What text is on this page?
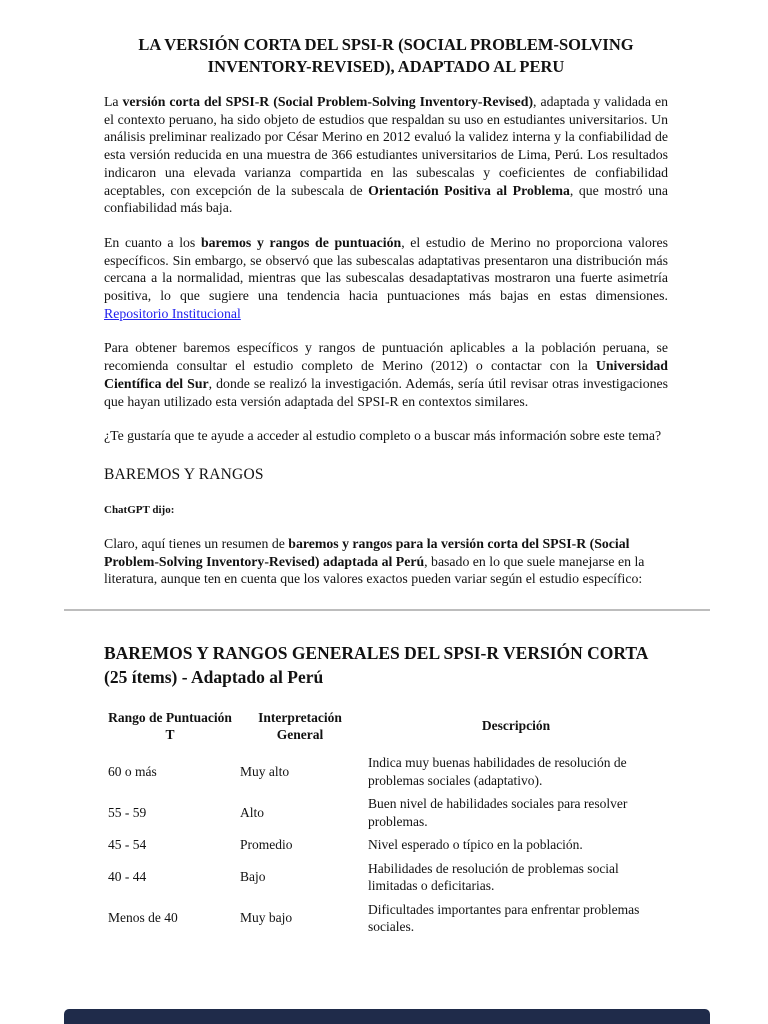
LA VERSIÓN CORTA DEL SPSI-R (SOCIAL PROBLEM-SOLVING
INVENTORY-REVISED), ADAPTADO AL PERU

La versión corta del SPSI-R (Social Problem-Solving Inventory-Revised), adaptada y validada en el contexto peruano, ha sido objeto de estudios que respaldan su uso en estudiantes universitarios. Un análisis preliminar realizado por César Merino en 2012 evaluó la validez interna y la confiabilidad de esta versión reducida en una muestra de 366 estudiantes universitarios de Lima, Perú. Los resultados indicaron una elevada varianza compartida en las subescalas y coeficientes de confiabilidad aceptables, con excepción de la subescala de Orientación Positiva al Problema, que mostró una confiabilidad más baja.

En cuanto a los baremos y rangos de puntuación, el estudio de Merino no proporciona valores específicos. Sin embargo, se observó que las subescalas adaptativas presentaron una distribución más cercana a la normalidad, mientras que las subescalas desadaptativas mostraron una fuerte asimetría positiva, lo que sugiere una tendencia hacia puntuaciones más bajas en estas dimensiones. Repositorio Institucional

Para obtener baremos específicos y rangos de puntuación aplicables a la población peruana, se recomienda consultar el estudio completo de Merino (2012) o contactar con la Universidad Científica del Sur, donde se realizó la investigación. Además, sería útil revisar otras investigaciones que hayan utilizado esta versión adaptada del SPSI-R en contextos similares.

¿Te gustaría que te ayude a acceder al estudio completo o a buscar más información sobre este tema?

BAREMOS Y RANGOS
ChatGPT dijo:

Claro, aquí tienes un resumen de baremos y rangos para la versión corta del SPSI-R (Social Problem-Solving Inventory-Revised) adaptada al Perú, basado en lo que suele manejarse en la literatura, aunque ten en cuenta que los valores exactos pueden variar según el estudio específico:

BAREMOS Y RANGOS GENERALES DEL SPSI-R VERSIÓN CORTA (25 ítems) - Adaptado al Perú
Rango de Puntuación T	Interpretación General	Descripción
60 o más	Muy alto	Indica muy buenas habilidades de resolución de problemas sociales (adaptativo).
55 - 59	Alto	Buen nivel de habilidades sociales para resolver problemas.
45 - 54	Promedio	Nivel esperado o típico en la población.
40 - 44	Bajo	Habilidades de resolución de problemas social limitadas o deficitarias.
Menos de 40	Muy bajo	Dificultades importantes para enfrentar problemas sociales.
